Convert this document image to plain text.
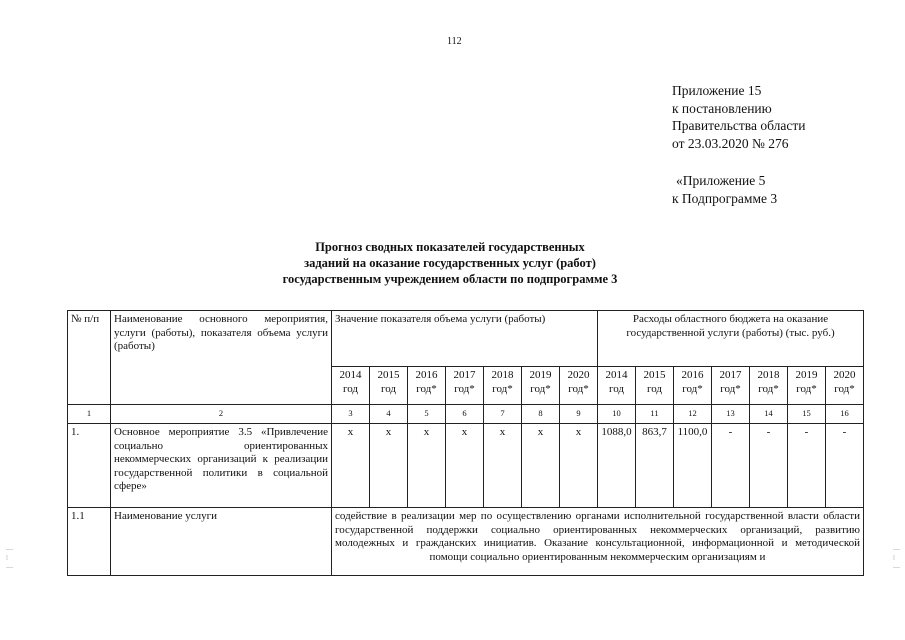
112
Приложение 15
к постановлению
Правительства области
от 23.03.2020 № 276
«Приложение 5
к Подпрограмме 3
Прогноз сводных показателей государственных
заданий на оказание государственных услуг (работ)
государственным учреждением области по подпрограмме 3
№ п/п	Наименование основного мероприятия, услуги (работы), показателя объема услуги (работы)	Значение показателя объема услуги (работы)							Расходы областного бюджета на оказание государственной услуги (работы) (тыс. руб.)						
		2014 год	2015 год	2016 год*	2017 год*	2018 год*	2019 год*	2020 год*	2014 год	2015 год	2016 год*	2017 год*	2018 год*	2019 год*	2020 год*
1	2	3	4	5	6	7	8	9	10	11	12	13	14	15	16
1.	Основное мероприятие 3.5 «Привлечение социально ориентированных некоммерческих организаций к реализации государственной политики в социальной сфере»	х	х	х	х	х	х	х	1088,0	863,7	1100,0	-	-	-	-
1.1	Наименование услуги	содействие в реализации мер по осуществлению органами исполнительной государственной власти области государственной поддержки социально ориентированных некоммерческих организаций, развитию молодежных и гражданских инициатив. Оказание консультационной, информационной и методической помощи социально ориентированным некоммерческим организациям и													
—
⁞
—
—
⁞
—
